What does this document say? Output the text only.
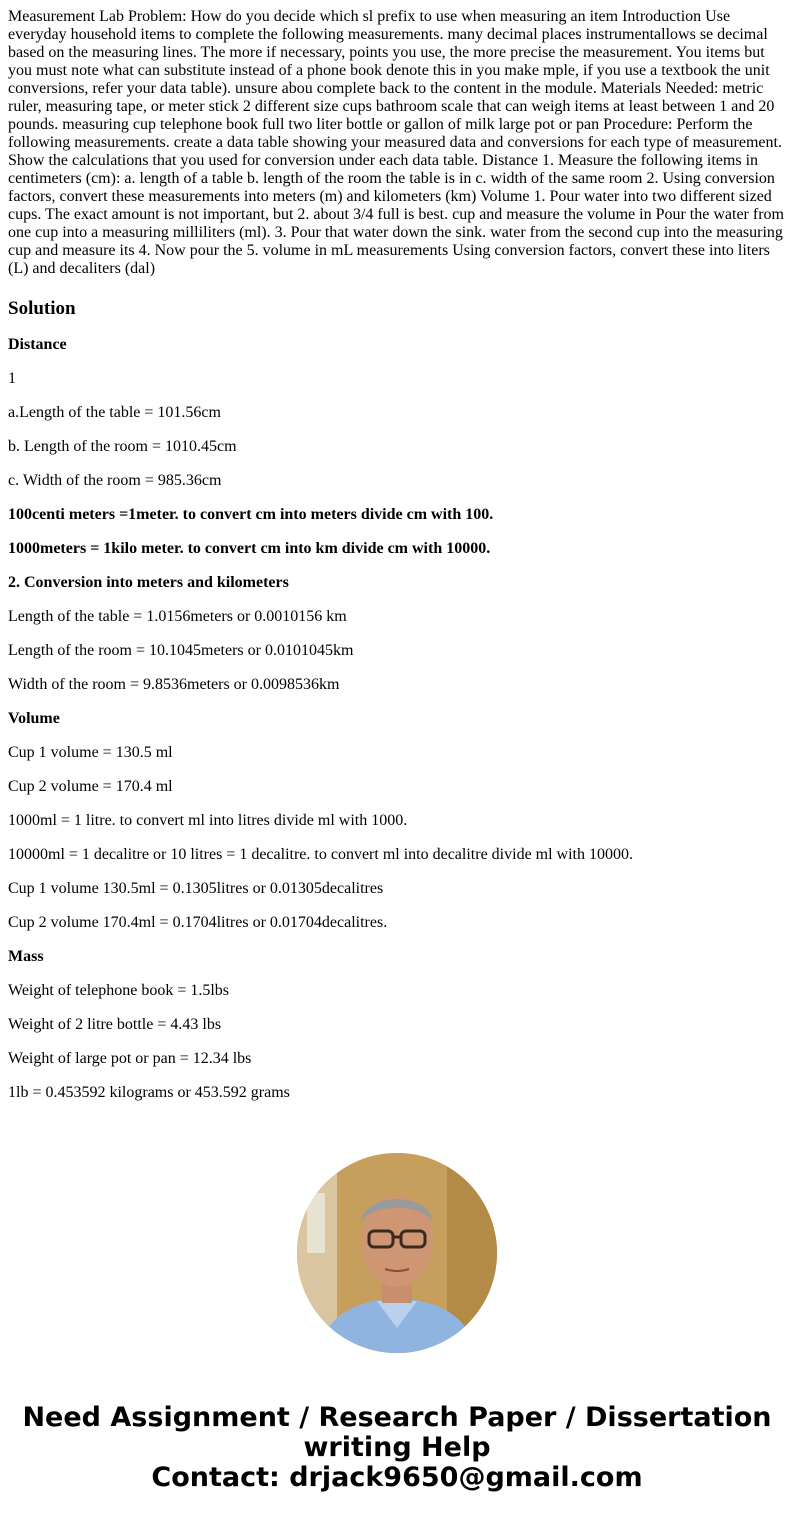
Measurement Lab Problem: How do you decide which sl prefix to use when measuring an item Introduction Use everyday household items to complete the following measurements. many decimal places instrumentallows se decimal based on the measuring lines. The more if necessary, points you use, the more precise the measurement. You items but you must note what can substitute instead of a phone book denote this in you make mple, if you use a textbook the unit conversions, refer your data table). unsure abou complete back to the content in the module. Materials Needed: metric ruler, measuring tape, or meter stick 2 different size cups bathroom scale that can weigh items at least between 1 and 20 pounds. measuring cup telephone book full two liter bottle or gallon of milk large pot or pan Procedure: Perform the following measurements. create a data table showing your measured data and conversions for each type of measurement. Show the calculations that you used for conversion under each data table. Distance 1. Measure the following items in centimeters (cm): a. length of a table b. length of the room the table is in c. width of the same room 2. Using conversion factors, convert these measurements into meters (m) and kilometers (km) Volume 1. Pour water into two different sized cups. The exact amount is not important, but 2. about 3/4 full is best. cup and measure the volume in Pour the water from one cup into a measuring milliliters (ml). 3. Pour that water down the sink. water from the second cup into the measuring cup and measure its 4. Now pour the 5. volume in mL measurements Using conversion factors, convert these into liters (L) and decaliters (dal)

Solution

Distance

1

a.Length of the table = 101.56cm

b. Length of the room = 1010.45cm

c. Width of the room = 985.36cm

100centi meters =1meter. to convert cm into meters divide cm with 100.

1000meters = 1kilo meter. to convert cm into km divide cm with 10000.

2. Conversion into meters and kilometers

Length of the table = 1.0156meters or 0.0010156 km

Length of the room = 10.1045meters or 0.0101045km

Width of the room = 9.8536meters or 0.0098536km

Volume

Cup 1 volume = 130.5 ml

Cup 2 volume = 170.4 ml

1000ml = 1 litre. to convert ml into litres divide ml with 1000.

10000ml = 1 decalitre or 10 litres = 1 decalitre. to convert ml into decalitre divide ml with 10000.

Cup 1 volume 130.5ml = 0.1305litres or 0.01305decalitres

Cup 2 volume 170.4ml = 0.1704litres or 0.01704decalitres.

Mass

Weight of telephone book = 1.5lbs

Weight of 2 litre bottle = 4.43 lbs

Weight of large pot or pan = 12.34 lbs

1lb = 0.453592 kilograms or 453.592 grams

Need Assignment / Research Paper / Dissertation
writing Help
Contact: drjack9650@gmail.com
